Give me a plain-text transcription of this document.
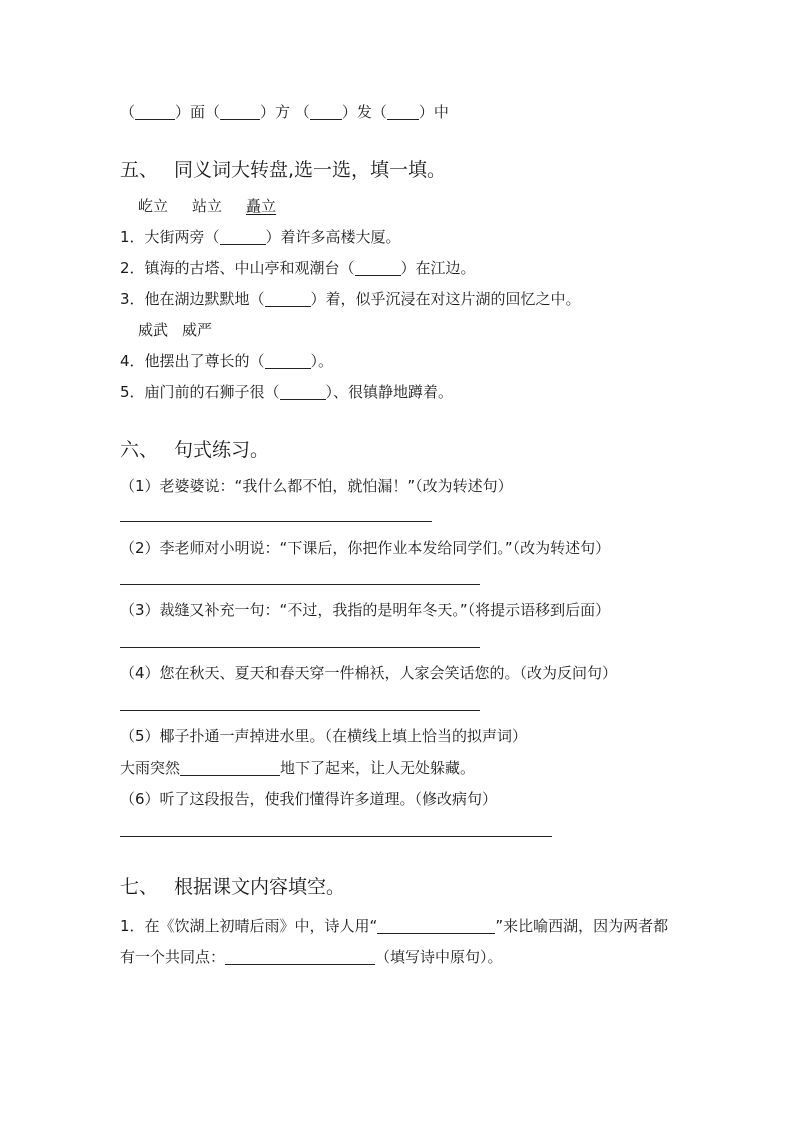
（	）面（	）方 （ ）发（ ）中
五、 同义词大转盘,选一选，填一填。
屹立 站立 矗立
1．大街两旁（	）着许多高楼大厦。
2．镇海的古塔、中山亭和观潮台（	）在江边。
3．他在湖边默默地（	）着，似乎沉浸在对这片湖的回忆之中。
威武 威严
4．他摆出了尊长的（	）。
5．庙门前的石狮子很（	）、很镇静地蹲着。
六、 句式练习。
（1）老婆婆说：“我什么都不怕，就怕漏！”（改为转述句）
（2）李老师对小明说：“下课后，你把作业本发给同学们。”（改为转述句）
（3）裁缝又补充一句：“不过，我指的是明年冬天。”（将提示语移到后面）
（4）您在秋天、夏天和春天穿一件棉袄，人家会笑话您的。（改为反问句）
（5）椰子扑通一声掉进水里。（在横线上填上恰当的拟声词）
大雨突然	地下了起来，让人无处躲藏。
（6）听了这段报告，使我们懂得许多道理。（修改病句）
七、 根据课文内容填空。
1．在《饮湖上初晴后雨》中，诗人用“	”来比喻西湖，因为两者都有一个共同点：	（填写诗中原句）。
